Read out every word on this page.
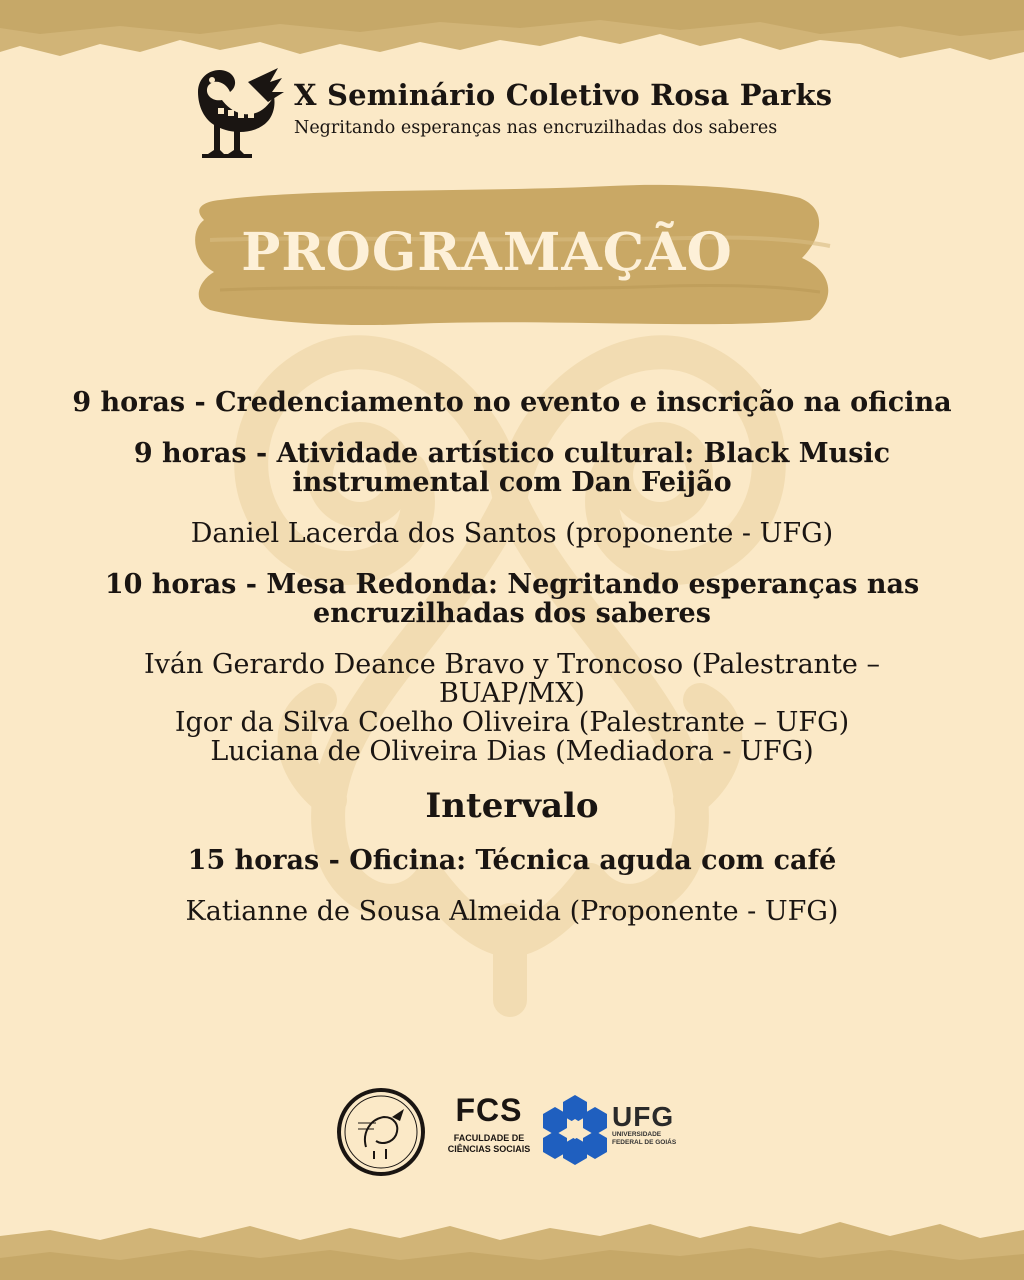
X Seminário Coletivo Rosa Parks
Negritando esperanças nas encruzilhadas dos saberes
PROGRAMAÇÃO
9 horas - Credenciamento no evento e inscrição na oficina
9 horas - Atividade artístico cultural: Black Music
instrumental com Dan Feijão
Daniel Lacerda dos Santos (proponente - UFG)
10 horas - Mesa Redonda: Negritando esperanças nas
encruzilhadas dos saberes
Iván Gerardo Deance Bravo y Troncoso (Palestrante –
BUAP/MX)
Igor da Silva Coelho Oliveira (Palestrante – UFG)
Luciana de Oliveira Dias (Mediadora - UFG)
Intervalo
15 horas - Oficina: Técnica aguda com café
Katianne de Sousa Almeida (Proponente - UFG)
FCS
FACULDADE DE
CIÊNCIAS SOCIAIS
UFG
UNIVERSIDADE
FEDERAL DE GOIÁS
